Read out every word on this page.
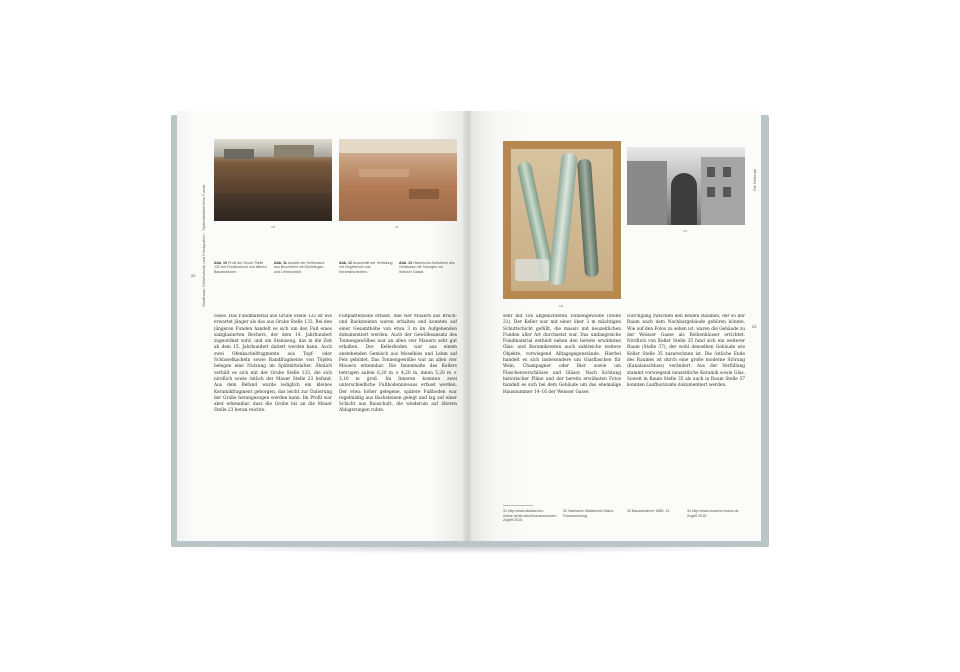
Stadthaus, Kellerwände und Fundgruben · Spätmittelalterliche Funde
22
10	11
Abb. 10 Profil der Grube Stelle 132 mit Fundhorizont und älteren Baustrukturen.
Abb. 11 Ansicht der Kellerwand aus Bruchstein mit Mörtelfugen und Lehmschicht.
Abb. 12 Ausschnitt der Verfüllung mit Ziegelbruch und Keramikscherben.
Abb. 13 Historische Aufnahme des Gebäudes mit Torbogen zur Weisser Gasse.
cesse. Das Fundmaterial aus Grube Stelle 132 ist wie erwartet jünger als das aus Grube Stelle 133. Bei den jüngeren Funden handelt es sich um den Fuß eines salzglasierten Bechers, der dem 14. Jahrhundert zugeordnet wird, und um Steinzeug, das in die Zeit ab dem 15. Jahrhundert datiert werden kann. Auch zwei Ofenkachelfragmente aus Topf- oder Schüsselkacheln sowie Randfragmente von Töpfen belegen eine Nutzung im Spätmittelalter. Ähnlich verhält es sich mit der Grube Stelle 133, die sich nördlich sowie östlich der Mauer Stelle 23 befand. Aus dem Befund wurde lediglich ein kleines Keramikfragment geborgen, das leicht zur Datierung der Grube herangezogen werden kann. Im Profil war aber erkennbar, dass die Grube bis an die Mauer Stelle 23 heran reichte.
Fußplattenzone erfasst. Alle vier Mauern aus Bruch- und Backsteinen waren erhalten und konnten auf einer Gesamthöhe von etwa 3 m im Aufgehenden dokumentiert werden. Auch der Gewölbeansatz des Tonnengewölbes war an allen vier Mauern sehr gut erhalten. Der Kellerboden war aus einem anstehenden Gemisch aus Moselkies und Lehm auf Fels gebildet. Das Tonnengewölbe war an allen vier Mauern erkennbar. Die Innenmaße des Kellers betrugen außen 6,20 m × 4,20 m, innen 5,20 m × 3,10 m groß. Im Inneren konnten zwei unterschiedliche Fußbodenniveaus erfasst werden. Der etwa höher gelegene, spätere Fußboden war regelmäßig aus Backsteinen gelegt und lag auf einer Schicht aus Bauschutt, die wiederum auf älteren Ablagerungen ruhte.
14
13
Die Befunde
23
sehr mit Ton abgedichteten Tonnengewölbe (Stelle 31). Der Keller war mit einer über 3 m mächtigen Schuttschicht gefüllt, die massiv mit neuzeitlichen Funden aller Art durchsetzt war. Das umfangreiche Fundmaterial enthielt neben den bereits erwähnten Glas- und Keramikresten auch zahlreiche weitere Objekte, vorwiegend Alltagsgegenstände. Hierbei handelt es sich insbesondere um Glasflaschen für Wein, Champagner oder Bier sowie um Flaschenverschlüsse und Gläser. Nach Sichtung historischer Pläne und der bereits erwähnten Fotos handelt es sich bei dem Gebäude um das ehemalige Hausnummer 14–16 der Weisser Gasse.
Durchgang zwischen den beiden Räumen, der so der Raum nach dem Nachbargebäude gehören könnte. Wie auf den Fotos zu sehen ist, waren die Gebäude zu der Weisser Gasse als Reihenhäuser errichtet. Nördlich von Keller Stelle 35 fand sich ein weiterer Raum (Stelle 37), der wohl denselben Gebäude wie Keller Stelle 35 zuzurechnen ist. Die östliche Ende des Raumes ist durch eine große moderne Störung (Kanalanschluss) verändert. Aus der Verfüllung stammt vorwiegend neuzeitliche Keramik sowie Glas. Soweit in Raum Stelle 35 als auch in Raum Stelle 37 konnten Laufhorizonte dokumentiert werden.
31 http://www.stadtarchiv-mainz.de/structure/hausnummern, Zugriff 2015.
32 Nachweis Stadtarchiv Mainz, Fotosammlung.
33 Bauaufnahme 1885, 12.	34 http://www.brauerei-mainz.de, Zugriff 2015.
